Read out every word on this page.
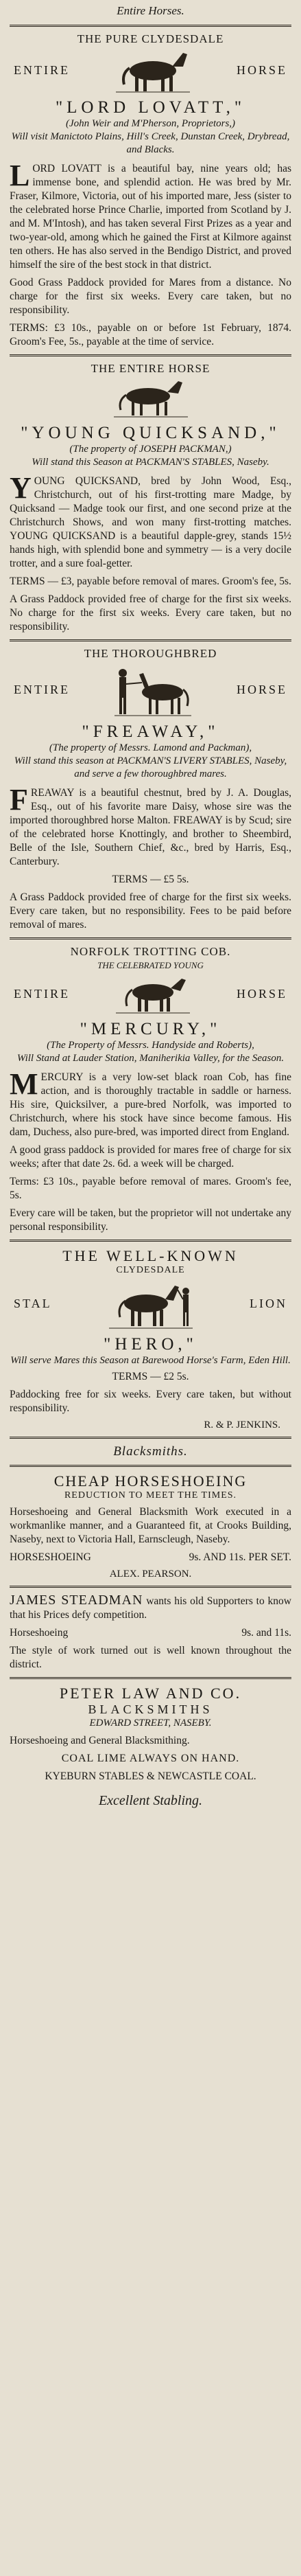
Entire Horses.
THE PURE CLYDESDALE
ENTIRE	HORSE
"LORD LOVATT,"
(John Weir and M'Pherson, Proprietors,)
Will visit Manictoto Plains, Hill's Creek, Dunstan Creek, Drybread, and Blacks.

LORD LOVATT is a beautiful bay, nine years old; has immense bone, and splendid action. He was bred by Mr. Fraser, Kilmore, Victoria, out of his imported mare, Jess (sister to the celebrated horse Prince Charlie, imported from Scotland by J. and M. M'Intosh), and has taken several First Prizes as a year and two-year-old, among which he gained the First at Kilmore against ten others. He has also served in the Bendigo District, and proved himself the sire of the best stock in that district.

Good Grass Paddock provided for Mares from a distance. No charge for the first six weeks. Every care taken, but no responsibility.

TERMS: £3 10s., payable on or before 1st February, 1874. Groom's Fee, 5s., payable at the time of service.

THE ENTIRE HORSE
"YOUNG QUICKSAND,"
(The property of JOSEPH PACKMAN,)
Will stand this Season at PACKMAN'S STABLES, Naseby.

YOUNG QUICKSAND, bred by John Wood, Esq., Christchurch, out of his first-trotting mare Madge, by Quicksand — Madge took our first, and one second prize at the Christchurch Shows, and won many first-trotting matches. YOUNG QUICKSAND is a beautiful dapple-grey, stands 15½ hands high, with splendid bone and symmetry — is a very docile trotter, and a sure foal-getter.

TERMS — £3, payable before removal of mares. Groom's fee, 5s.

A Grass Paddock provided free of charge for the first six weeks. No charge for the first six weeks. Every care taken, but no responsibility.

THE THOROUGHBRED
ENTIRE	HORSE
"FREAWAY,"
(The property of Messrs. Lamond and Packman),
Will stand this season at PACKMAN'S LIVERY STABLES, Naseby, and serve a few thoroughbred mares.

FREAWAY is a beautiful chestnut, bred by J. A. Douglas, Esq., out of his favorite mare Daisy, whose sire was the imported thoroughbred horse Malton. FREAWAY is by Scud; sire of the celebrated horse Knottingly, and brother to Sheembird, Belle of the Isle, Southern Chief, &c., bred by Harris, Esq., Canterbury.

TERMS — £5 5s.

A Grass Paddock provided free of charge for the first six weeks. Every care taken, but no responsibility. Fees to be paid before removal of mares.

NORFOLK TROTTING COB.
THE CELEBRATED YOUNG
ENTIRE	HORSE
"MERCURY,"
(The Property of Messrs. Handyside and Roberts),
Will Stand at Lauder Station, Maniherikia Valley, for the Season.

MERCURY is a very low-set black roan Cob, has fine action, and is thoroughly tractable in saddle or harness. His sire, Quicksilver, a pure-bred Norfolk, was imported to Christchurch, where his stock have since become famous. His dam, Duchess, also pure-bred, was imported direct from England.

A good grass paddock is provided for mares free of charge for six weeks; after that date 2s. 6d. a week will be charged.

Terms: £3 10s., payable before removal of mares. Groom's fee, 5s.

Every care will be taken, but the proprietor will not undertake any personal responsibility.

THE WELL-KNOWN
CLYDESDALE
STAL	LION
"HERO,"
Will serve Mares this Season at Barewood Horse's Farm, Eden Hill.

TERMS — £2 5s.

Paddocking free for six weeks. Every care taken, but without responsibility.

R. & P. JENKINS.
Blacksmiths.
CHEAP HORSESHOEING
REDUCTION TO MEET THE TIMES.

Horseshoeing and General Blacksmith Work executed in a workmanlike manner, and a Guaranteed fit, at Crooks Building, Naseby, next to Victoria Hall, Earnscleugh, Naseby.

HORSESHOEING	9s. AND 11s. PER SET.

ALEX. PEARSON.

JAMES STEADMAN wants his old Supporters to know that his Prices defy competition.

Horseshoeing	9s. and 11s.

The style of work turned out is well known throughout the district.

PETER LAW AND CO.
BLACKSMITHS
EDWARD STREET, NASEBY.

Horseshoeing and General Blacksmithing.

COAL LIME ALWAYS ON HAND.

KYEBURN STABLES & NEWCASTLE COAL.

Excellent Stabling.
